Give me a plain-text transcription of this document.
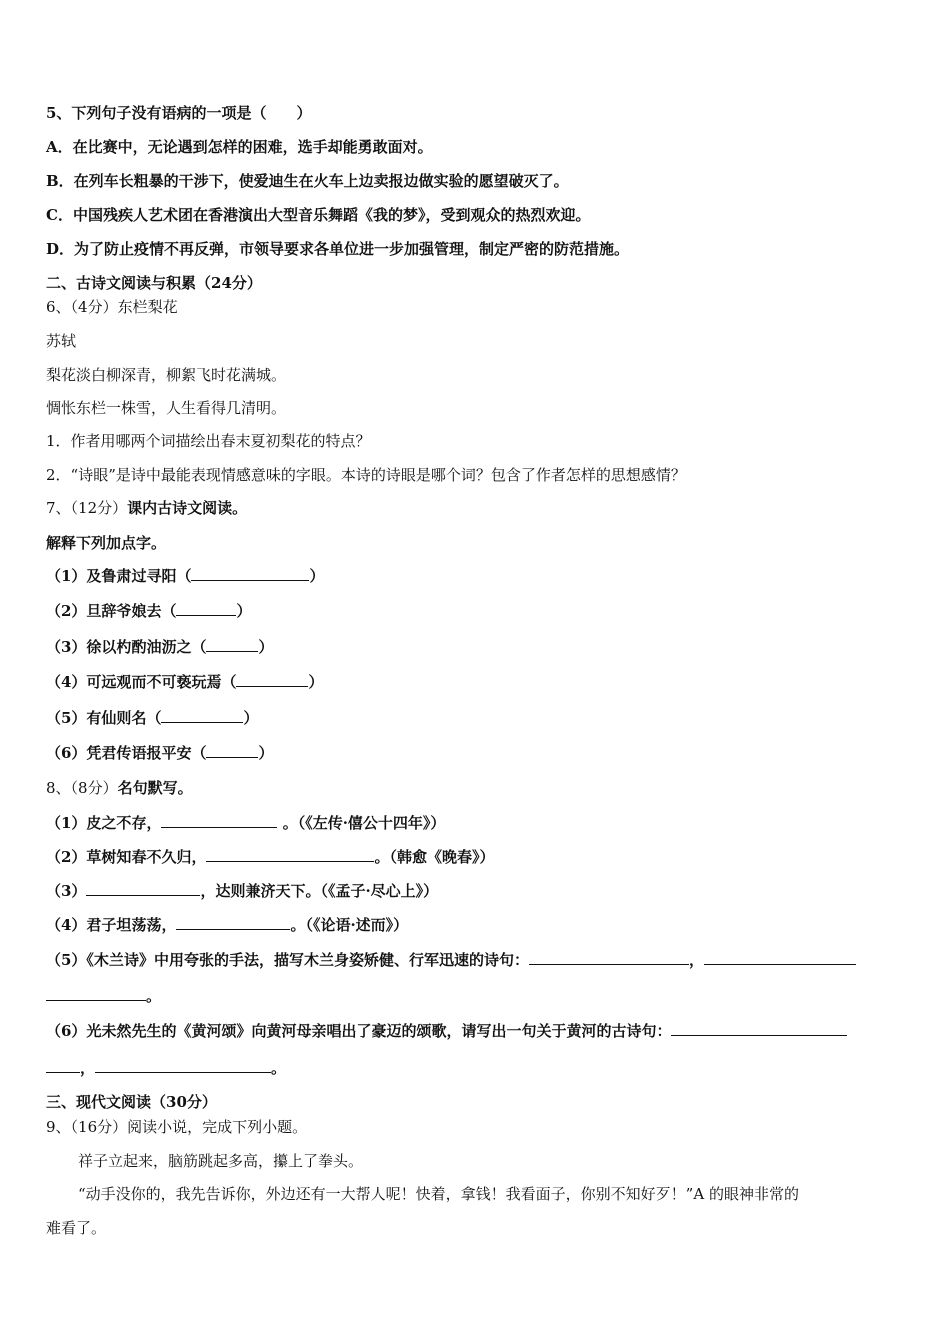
5、下列句子没有语病的一项是（　　）
A．在比赛中，无论遇到怎样的困难，选手却能勇敢面对。
B．在列车长粗暴的干涉下，使爱迪生在火车上边卖报边做实验的愿望破灭了。
C．中国残疾人艺术团在香港演出大型音乐舞蹈《我的梦》，受到观众的热烈欢迎。
D．为了防止疫情不再反弹，市领导要求各单位进一步加强管理，制定严密的防范措施。
二、古诗文阅读与积累（24分）
6、（4分）东栏梨花
苏轼
梨花淡白柳深青，柳絮飞时花满城。
惆怅东栏一株雪，人生看得几清明。
1．作者用哪两个词描绘出春末夏初梨花的特点？
2．“诗眼”是诗中最能表现情感意味的字眼。本诗的诗眼是哪个词？包含了作者怎样的思想感情？
7、（12分）课内古诗文阅读。
解释下列加点字。
（1）及鲁肃过寻阳（	）
（2）旦辞爷娘去（	）
（3）徐以杓酌油沥之（	）
（4）可远观而不可亵玩焉（	）
（5）有仙则名（	）
（6）凭君传语报平安（	）
8、（8分）名句默写。
（1）皮之不存，	。（《左传·僖公十四年》）
（2）草树知春不久归，	。（韩愈《晚春》）
（3）	，达则兼济天下。（《孟子·尽心上》）
（4）君子坦荡荡，	。（《论语·述而》）
（5）《木兰诗》中用夸张的手法，描写木兰身姿矫健、行军迅速的诗句：	，
。
（6）光未然先生的《黄河颂》向黄河母亲唱出了豪迈的颂歌，请写出一句关于黄河的古诗句：
，	。
三、现代文阅读（30分）
9、（16分）阅读小说，完成下列小题。
祥子立起来，脑筋跳起多高，攥上了拳头。
“动手没你的，我先告诉你，外边还有一大帮人呢！快着，拿钱！我看面子，你别不知好歹！”A 的眼神非常的
难看了。
